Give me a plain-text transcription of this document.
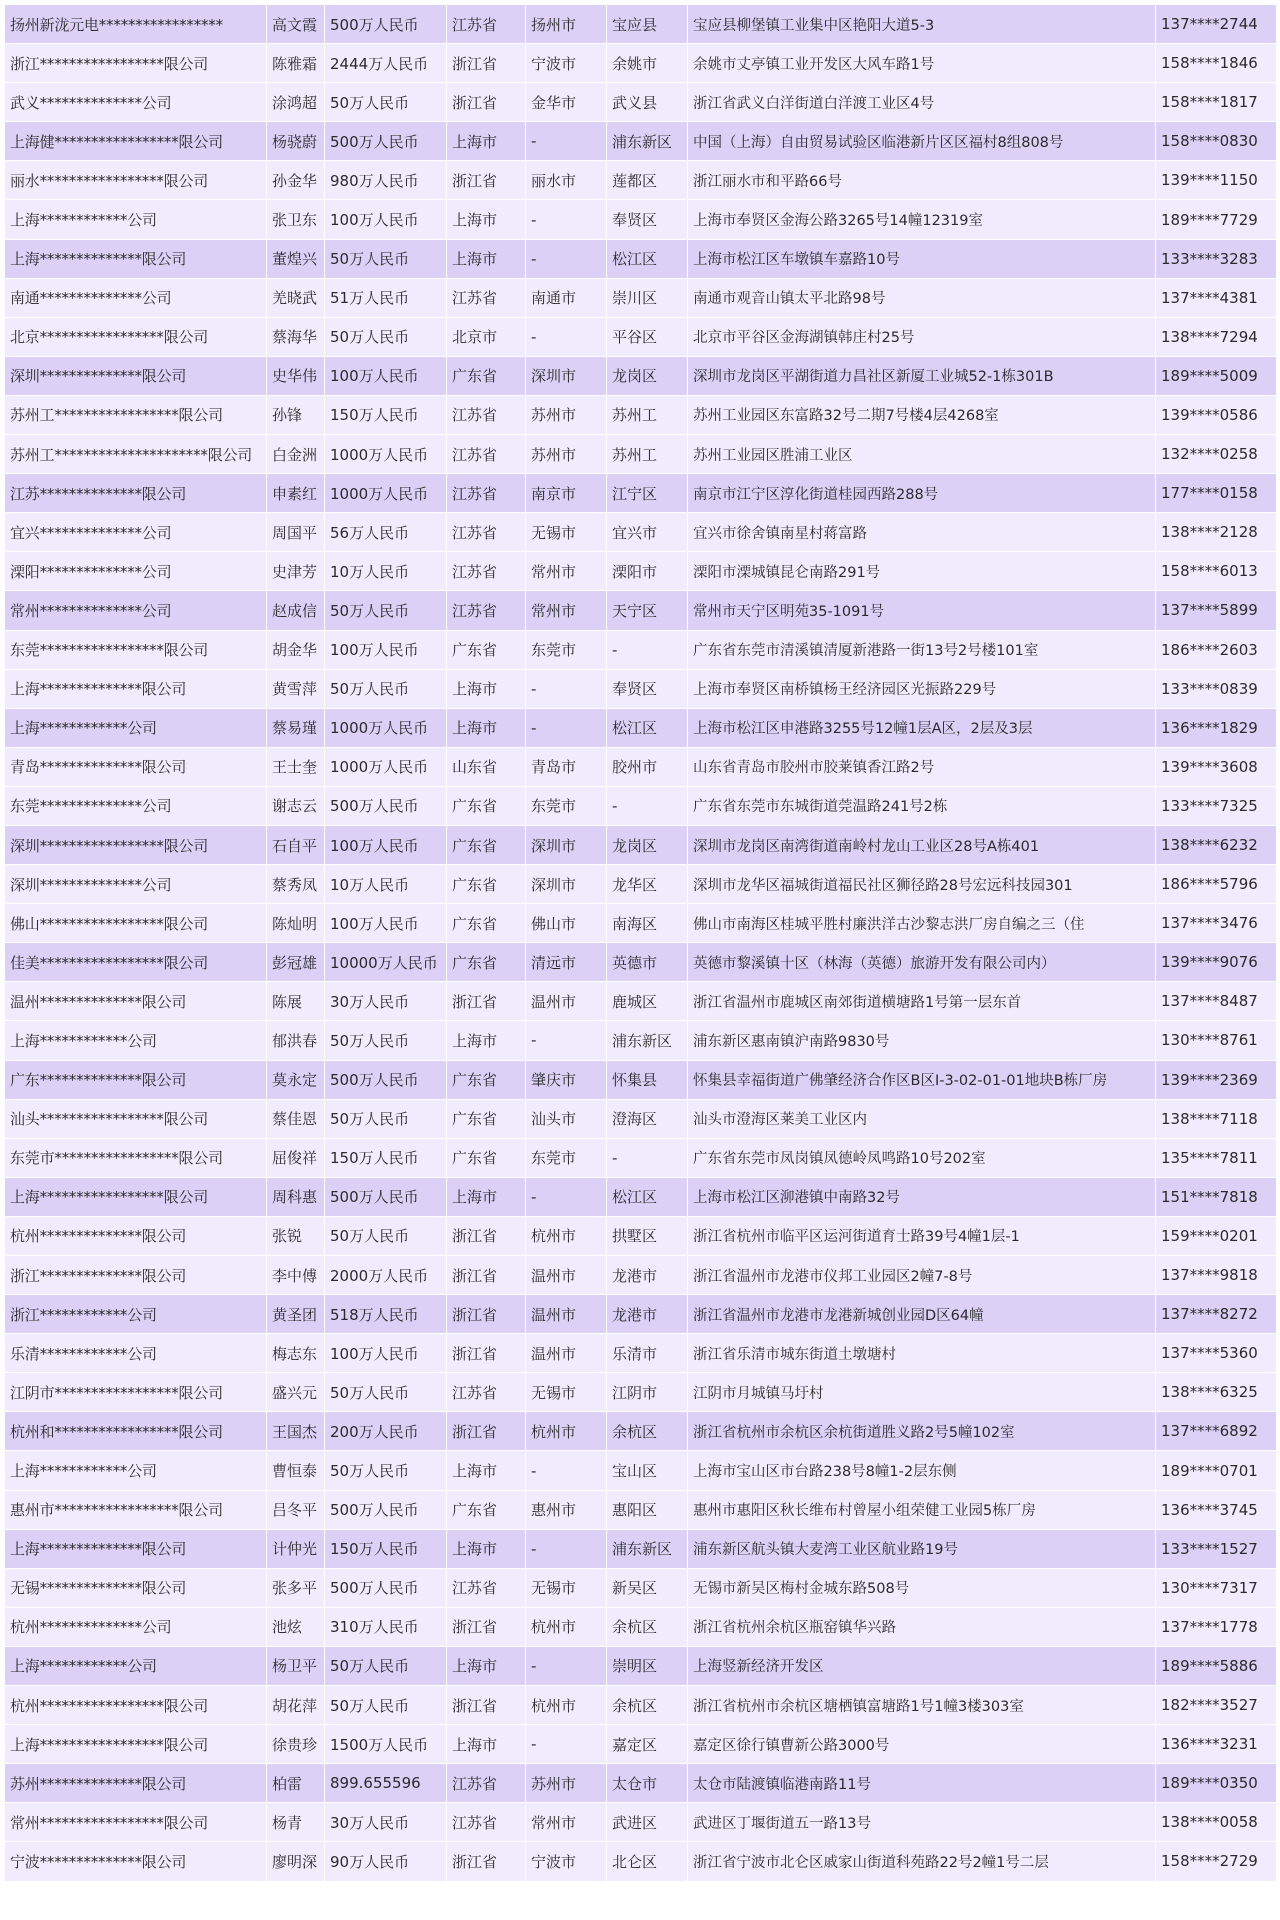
扬州新泷元电*****************	高文霞	500万人民币	江苏省	扬州市	宝应县	宝应县柳堡镇工业集中区艳阳大道5-3	137****2744
浙江*****************限公司	陈雅霜	2444万人民币	浙江省	宁波市	余姚市	余姚市丈亭镇工业开发区大风车路1号	158****1846
武义**************公司	涂鸿超	50万人民币	浙江省	金华市	武义县	浙江省武义白洋街道白洋渡工业区4号	158****1817
上海健*****************限公司	杨骁蔚	500万人民币	上海市	-	浦东新区	中国（上海）自由贸易试验区临港新片区区福村8组808号	158****0830
丽水*****************限公司	孙金华	980万人民币	浙江省	丽水市	莲都区	浙江丽水市和平路66号	139****1150
上海************公司	张卫东	100万人民币	上海市	-	奉贤区	上海市奉贤区金海公路3265号14幢12319室	189****7729
上海**************限公司	董煌兴	50万人民币	上海市	-	松江区	上海市松江区车墩镇车嘉路10号	133****3283
南通**************公司	羌晓武	51万人民币	江苏省	南通市	崇川区	南通市观音山镇太平北路98号	137****4381
北京*****************限公司	蔡海华	50万人民币	北京市	-	平谷区	北京市平谷区金海湖镇韩庄村25号	138****7294
深圳**************限公司	史华伟	100万人民币	广东省	深圳市	龙岗区	深圳市龙岗区平湖街道力昌社区新厦工业城52-1栋301B	189****5009
苏州工*****************限公司	孙锋	150万人民币	江苏省	苏州市	苏州工	苏州工业园区东富路32号二期7号楼4层4268室	139****0586
苏州工*********************限公司	白金洲	1000万人民币	江苏省	苏州市	苏州工	苏州工业园区胜浦工业区	132****0258
江苏**************限公司	申素红	1000万人民币	江苏省	南京市	江宁区	南京市江宁区淳化街道桂园西路288号	177****0158
宜兴**************公司	周国平	56万人民币	江苏省	无锡市	宜兴市	宜兴市徐舍镇南星村蒋富路	138****2128
溧阳**************公司	史津芳	10万人民币	江苏省	常州市	溧阳市	溧阳市溧城镇昆仑南路291号	158****6013
常州**************公司	赵成信	50万人民币	江苏省	常州市	天宁区	常州市天宁区明苑35-1091号	137****5899
东莞*****************限公司	胡金华	100万人民币	广东省	东莞市	-	广东省东莞市清溪镇清厦新港路一街13号2号楼101室	186****2603
上海**************限公司	黄雪萍	50万人民币	上海市	-	奉贤区	上海市奉贤区南桥镇杨王经济园区光振路229号	133****0839
上海************公司	蔡易瑾	1000万人民币	上海市	-	松江区	上海市松江区申港路3255号12幢1层A区，2层及3层	136****1829
青岛**************限公司	王士奎	1000万人民币	山东省	青岛市	胶州市	山东省青岛市胶州市胶莱镇香江路2号	139****3608
东莞**************公司	谢志云	500万人民币	广东省	东莞市	-	广东省东莞市东城街道莞温路241号2栋	133****7325
深圳*****************限公司	石自平	100万人民币	广东省	深圳市	龙岗区	深圳市龙岗区南湾街道南岭村龙山工业区28号A栋401	138****6232
深圳**************公司	蔡秀凤	10万人民币	广东省	深圳市	龙华区	深圳市龙华区福城街道福民社区狮径路28号宏远科技园301	186****5796
佛山*****************限公司	陈灿明	100万人民币	广东省	佛山市	南海区	佛山市南海区桂城平胜村廉洪洋古沙黎志洪厂房自编之三（住	137****3476
佳美*****************限公司	彭冠雄	10000万人民币	广东省	清远市	英德市	英德市黎溪镇十区（林海（英德）旅游开发有限公司内）	139****9076
温州**************限公司	陈展	30万人民币	浙江省	温州市	鹿城区	浙江省温州市鹿城区南郊街道横塘路1号第一层东首	137****8487
上海************公司	郁洪春	50万人民币	上海市	-	浦东新区	浦东新区惠南镇沪南路9830号	130****8761
广东**************限公司	莫永定	500万人民币	广东省	肇庆市	怀集县	怀集县幸福街道广佛肇经济合作区B区I-3-02-01-01地块B栋厂房	139****2369
汕头*****************限公司	蔡佳恩	50万人民币	广东省	汕头市	澄海区	汕头市澄海区莱美工业区内	138****7118
东莞市*****************限公司	屈俊祥	150万人民币	广东省	东莞市	-	广东省东莞市凤岗镇凤德岭凤鸣路10号202室	135****7811
上海*****************限公司	周科惠	500万人民币	上海市	-	松江区	上海市松江区泖港镇中南路32号	151****7818
杭州**************限公司	张锐	50万人民币	浙江省	杭州市	拱墅区	浙江省杭州市临平区运河街道育士路39号4幢1层-1	159****0201
浙江**************限公司	李中傅	2000万人民币	浙江省	温州市	龙港市	浙江省温州市龙港市仪邦工业园区2幢7-8号	137****9818
浙江************公司	黄圣团	518万人民币	浙江省	温州市	龙港市	浙江省温州市龙港市龙港新城创业园D区64幢	137****8272
乐清************公司	梅志东	100万人民币	浙江省	温州市	乐清市	浙江省乐清市城东街道土墩塘村	137****5360
江阴市*****************限公司	盛兴元	50万人民币	江苏省	无锡市	江阴市	江阴市月城镇马圩村	138****6325
杭州和*****************限公司	王国杰	200万人民币	浙江省	杭州市	余杭区	浙江省杭州市余杭区余杭街道胜义路2号5幢102室	137****6892
上海************公司	曹恒泰	50万人民币	上海市	-	宝山区	上海市宝山区市台路238号8幢1-2层东侧	189****0701
惠州市*****************限公司	吕冬平	500万人民币	广东省	惠州市	惠阳区	惠州市惠阳区秋长维布村曾屋小组荣健工业园5栋厂房	136****3745
上海**************限公司	计仲光	150万人民币	上海市	-	浦东新区	浦东新区航头镇大麦湾工业区航业路19号	133****1527
无锡**************限公司	张多平	500万人民币	江苏省	无锡市	新吴区	无锡市新吴区梅村金城东路508号	130****7317
杭州**************公司	池炫	310万人民币	浙江省	杭州市	余杭区	浙江省杭州余杭区瓶窑镇华兴路	137****1778
上海************公司	杨卫平	50万人民币	上海市	-	崇明区	上海竖新经济开发区	189****5886
杭州*****************限公司	胡花萍	50万人民币	浙江省	杭州市	余杭区	浙江省杭州市余杭区塘栖镇富塘路1号1幢3楼303室	182****3527
上海*****************限公司	徐贵珍	1500万人民币	上海市	-	嘉定区	嘉定区徐行镇曹新公路3000号	136****3231
苏州**************限公司	柏雷	899.655596	江苏省	苏州市	太仓市	太仓市陆渡镇临港南路11号	189****0350
常州*****************限公司	杨青	30万人民币	江苏省	常州市	武进区	武进区丁堰街道五一路13号	138****0058
宁波**************限公司	廖明深	90万人民币	浙江省	宁波市	北仑区	浙江省宁波市北仑区戚家山街道科苑路22号2幢1号二层	158****2729
